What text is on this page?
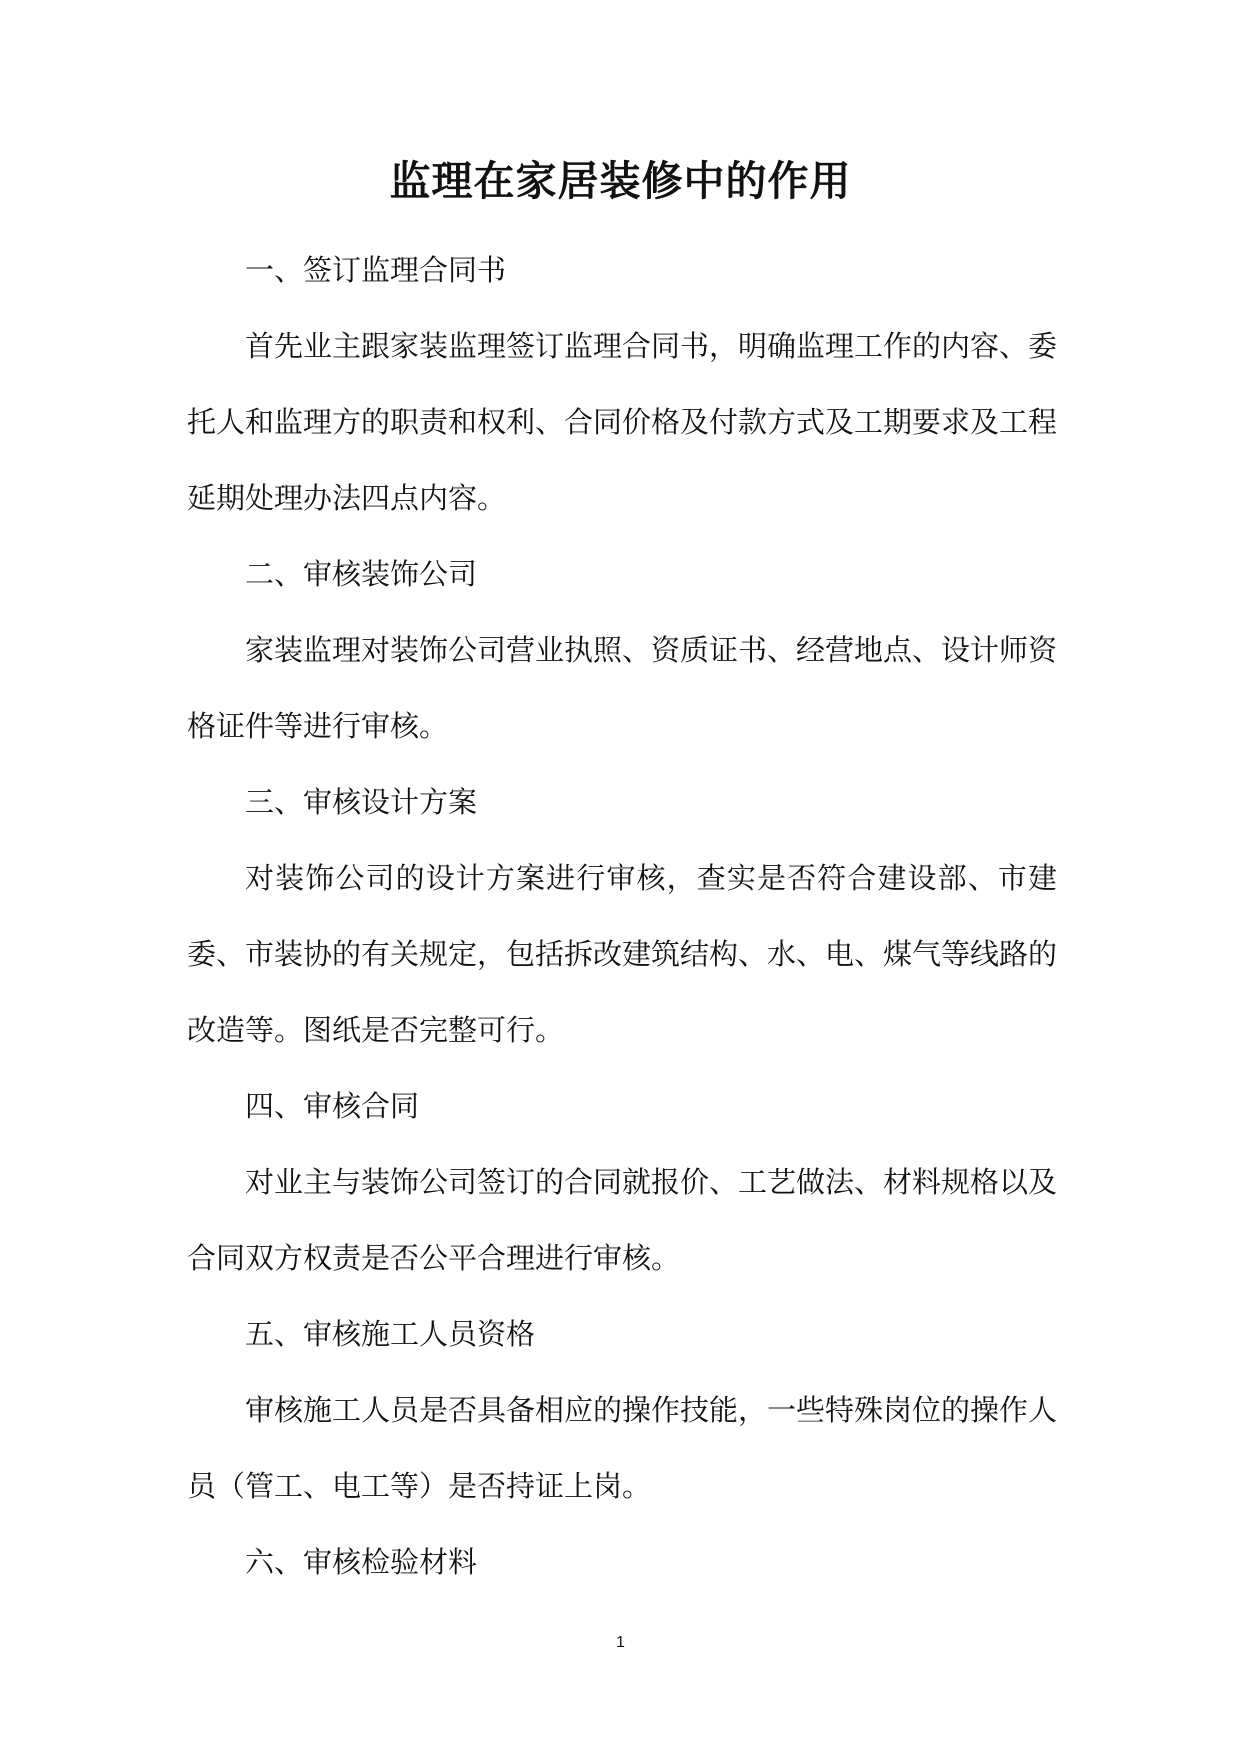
监理在家居装修中的作用

一、签订监理合同书

首先业主跟家装监理签订监理合同书，明确监理工作的内容、委托人和监理方的职责和权利、合同价格及付款方式及工期要求及工程延期处理办法四点内容。

二、审核装饰公司

家装监理对装饰公司营业执照、资质证书、经营地点、设计师资格证件等进行审核。

三、审核设计方案

对装饰公司的设计方案进行审核，查实是否符合建设部、市建委、市装协的有关规定，包括拆改建筑结构、水、电、煤气等线路的改造等。图纸是否完整可行。

四、审核合同

对业主与装饰公司签订的合同就报价、工艺做法、材料规格以及合同双方权责是否公平合理进行审核。

五、审核施工人员资格

审核施工人员是否具备相应的操作技能，一些特殊岗位的操作人员（管工、电工等）是否持证上岗。

六、审核检验材料

1
